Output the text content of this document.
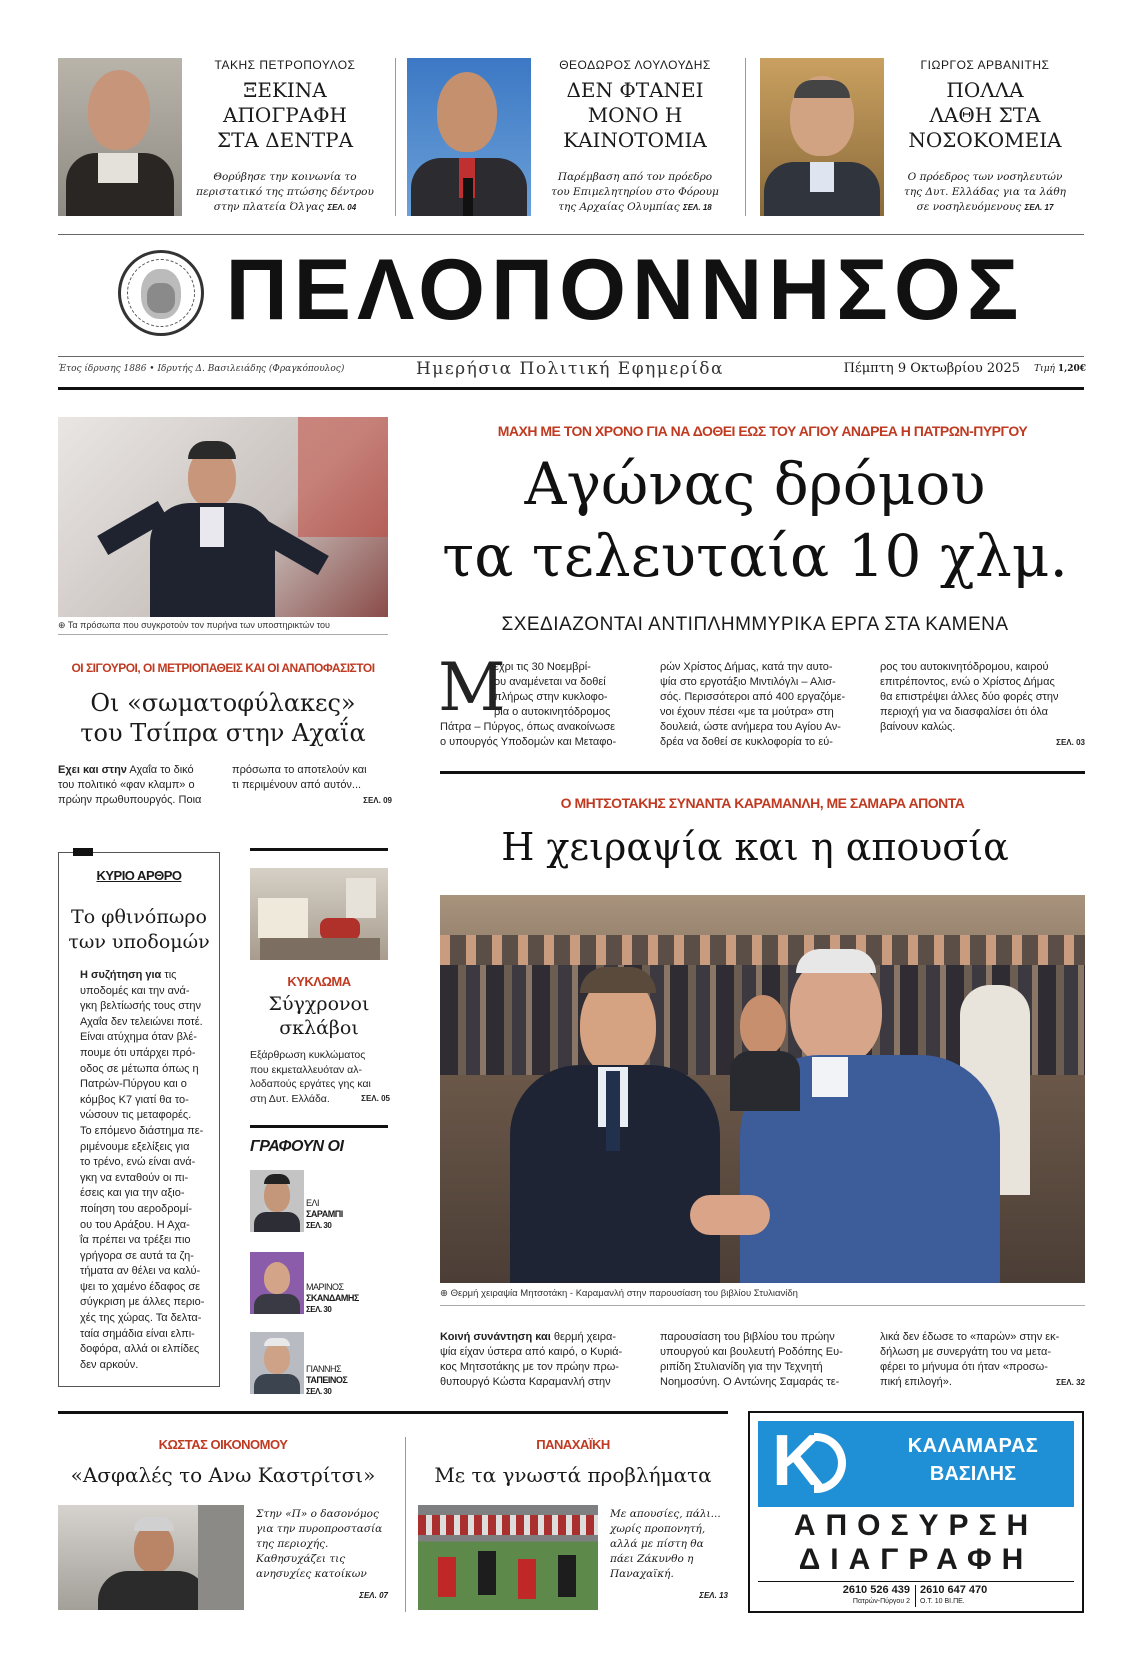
ΤΑΚΗΣ ΠΕΤΡΟΠΟΥΛΟΣ
ΞΕΚΙΝΑ
ΑΠΟΓΡΑΦΗ
ΣΤΑ ΔΕΝΤΡΑ
Θορύβησε την κοινωνία το
περιστατικό της πτώσης δέντρου
στην πλατεία Όλγας ΣΕΛ. 04
ΘΕΟΔΩΡΟΣ ΛΟΥΛΟΥΔΗΣ
ΔΕΝ ΦΤΑΝΕΙ
ΜΟΝΟ Η
ΚΑΙΝΟΤΟΜΙΑ
Παρέμβαση από τον πρόεδρο
του Επιμελητηρίου στο Φόρουμ
της Αρχαίας Ολυμπίας ΣΕΛ. 18
ΓΙΩΡΓΟΣ ΑΡΒΑΝΙΤΗΣ
ΠΟΛΛΑ
ΛΑΘΗ ΣΤΑ
ΝΟΣΟΚΟΜΕΙΑ
Ο πρόεδρος των νοσηλευτών
της Δυτ. Ελλάδας για τα λάθη
σε νοσηλευόμενους ΣΕΛ. 17
ΠΕΛΟΠΟΝΝΗΣΟΣ
Έτος ίδρυσης 1886 • Ιδρυτής Δ. Βασιλειάδης (Φραγκόπουλος)	Ημερήσια Πολιτική Εφημερίδα	Πέμπτη 9 Οκτωβρίου 2025	Τιμή 1,20€
⊕ Τα πρόσωπα που συγκροτούν τον πυρήνα των υποστηρικτών του
ΟΙ ΣΙΓΟΥΡΟΙ, ΟΙ ΜΕΤΡΙΟΠΑΘΕΙΣ ΚΑΙ ΟΙ ΑΝΑΠΟΦΑΣΙΣΤΟΙ
Οι «σωματοφύλακες»
του Τσίπρα στην Αχαΐα
Εχει και στην Αχαΐα το δικό
του πολιτικό «φαν κλαμπ» ο
πρώην πρωθυπουργός. Ποια
πρόσωπα το αποτελούν και
τι περιμένουν από αυτόν...
ΣΕΛ. 09
ΚΥΡΙΟ ΑΡΘΡΟ
Το φθινόπωρο
των υποδομών
Η συζήτηση για τις
υποδομές και την ανά-
γκη βελτίωσής τους στην
Αχαΐα δεν τελειώνει ποτέ.
Είναι ατύχημα όταν βλέ-
πουμε ότι υπάρχει πρό-
οδος σε μέτωπα όπως η
Πατρών-Πύργου και ο
κόμβος Κ7 γιατί θα το-
νώσουν τις μεταφορές.
Το επόμενο διάστημα πε-
ριμένουμε εξελίξεις για
το τρένο, ενώ είναι ανά-
γκη να ενταθούν οι πι-
έσεις και για την αξιο-
ποίηση του αεροδρομί-
ου του Αράξου. Η Αχα-
ΐα πρέπει να τρέξει πιο
γρήγορα σε αυτά τα ζη-
τήματα αν θέλει να καλύ-
ψει το χαμένο έδαφος σε
σύγκριση με άλλες περιο-
χές της χώρας. Τα δελτα-
ταία σημάδια είναι ελπι-
δοφόρα, αλλά οι ελπίδες
δεν αρκούν.
ΚΥΚΛΩΜΑ
Σύγχρονοι
σκλάβοι
Εξάρθρωση κυκλώματος
που εκμεταλλευόταν αλ-
λοδαπούς εργάτες γης και
στη Δυτ. Ελλάδα.	ΣΕΛ. 05
ΓΡΑΦΟΥΝ ΟΙ
ΕΛΙ
ΣΑΡΑΜΠΙ
ΣΕΛ. 30
ΜΑΡΙΝΟΣ
ΣΚΑΝΔΑΜΗΣ
ΣΕΛ. 30
ΓΙΑΝΝΗΣ
ΤΑΠΕΙΝΟΣ
ΣΕΛ. 30
ΜΑΧΗ ΜΕ ΤΟΝ ΧΡΟΝΟ ΓΙΑ ΝΑ ΔΟΘΕΙ ΕΩΣ ΤΟΥ ΑΓΙΟΥ ΑΝΔΡΕΑ Η ΠΑΤΡΩΝ-ΠΥΡΓΟΥ
Αγώνας δρόμου
τα τελευταία 10 χλμ.
ΣΧΕΔΙΑΖΟΝΤΑΙ ΑΝΤΙΠΛΗΜΜΥΡΙΚΑ ΕΡΓΑ ΣΤΑ ΚΑΜΕΝΑ
Μ
έχρι τις 30 Νοεμβρί-
ου αναμένεται να δοθεί
πλήρως στην κυκλοφο-
ρία ο αυτοκινητόδρομος
Πάτρα – Πύργος, όπως ανακοίνωσε
ο υπουργός Υποδομών και Μεταφο-
ρών Χρίστος Δήμας, κατά την αυτο-
ψία στο εργοτάξιο Μιντιλόγλι – Αλισ-
σός. Περισσότεροι από 400 εργαζόμε-
νοι έχουν πέσει «με τα μούτρα» στη
δουλειά, ώστε ανήμερα του Αγίου Αν-
δρέα να δοθεί σε κυκλοφορία το εύ-
ρος του αυτοκινητόδρομου, καιρού
επιτρέποντος, ενώ ο Χρίστος Δήμας
θα επιστρέψει άλλες δύο φορές στην
περιοχή για να διασφαλίσει ότι όλα
βαίνουν καλώς.
ΣΕΛ. 03
Ο ΜΗΤΣΟΤΑΚΗΣ ΣΥΝΑΝΤΑ ΚΑΡΑΜΑΝΛΗ, ΜΕ ΣΑΜΑΡΑ ΑΠΟΝΤΑ
Η χειραψία και η απουσία
⊕ Θερμή χειραψία Μητσοτάκη - Καραμανλή στην παρουσίαση του βιβλίου Στυλιανίδη
Κοινή συνάντηση και θερμή χειρα-
ψία είχαν ύστερα από καιρό, ο Κυριά-
κος Μητσοτάκης με τον πρώην πρω-
θυπουργό Κώστα Καραμανλή στην
παρουσίαση του βιβλίου του πρώην
υπουργού και βουλευτή Ροδόπης Ευ-
ριπίδη Στυλιανίδη για την Τεχνητή
Νοημοσύνη. Ο Αντώνης Σαμαράς τε-
λικά δεν έδωσε το «παρών» στην εκ-
δήλωση με συνεργάτη του να μετα-
φέρει το μήνυμα ότι ήταν «προσω-
πική επιλογή».	ΣΕΛ. 32
ΚΩΣΤΑΣ ΟΙΚΟΝΟΜΟΥ
«Ασφαλές το Ανω Καστρίτσι»
Στην «Π» ο δασονόμος
για την πυροπροστασία
της περιοχής.
Καθησυχάζει τις
ανησυχίες κατοίκων
ΣΕΛ. 07
ΠΑΝΑΧΑΪΚΗ
Με τα γνωστά προβλήματα
Με απουσίες, πάλι...
χωρίς προπονητή,
αλλά με πίστη θα
πάει Ζάκυνθο η
Παναχαϊκή.
ΣΕΛ. 13
K	ΚΑΛΑΜΑΡΑΣ
ΒΑΣΙΛΗΣ
ΑΠΟΣΥΡΣΗ
ΔΙΑΓΡΑΦΗ
2610 526 439
Πατρών-Πύργου 2
2610 647 470
Ο.Τ. 10 ΒΙ.ΠΕ.
